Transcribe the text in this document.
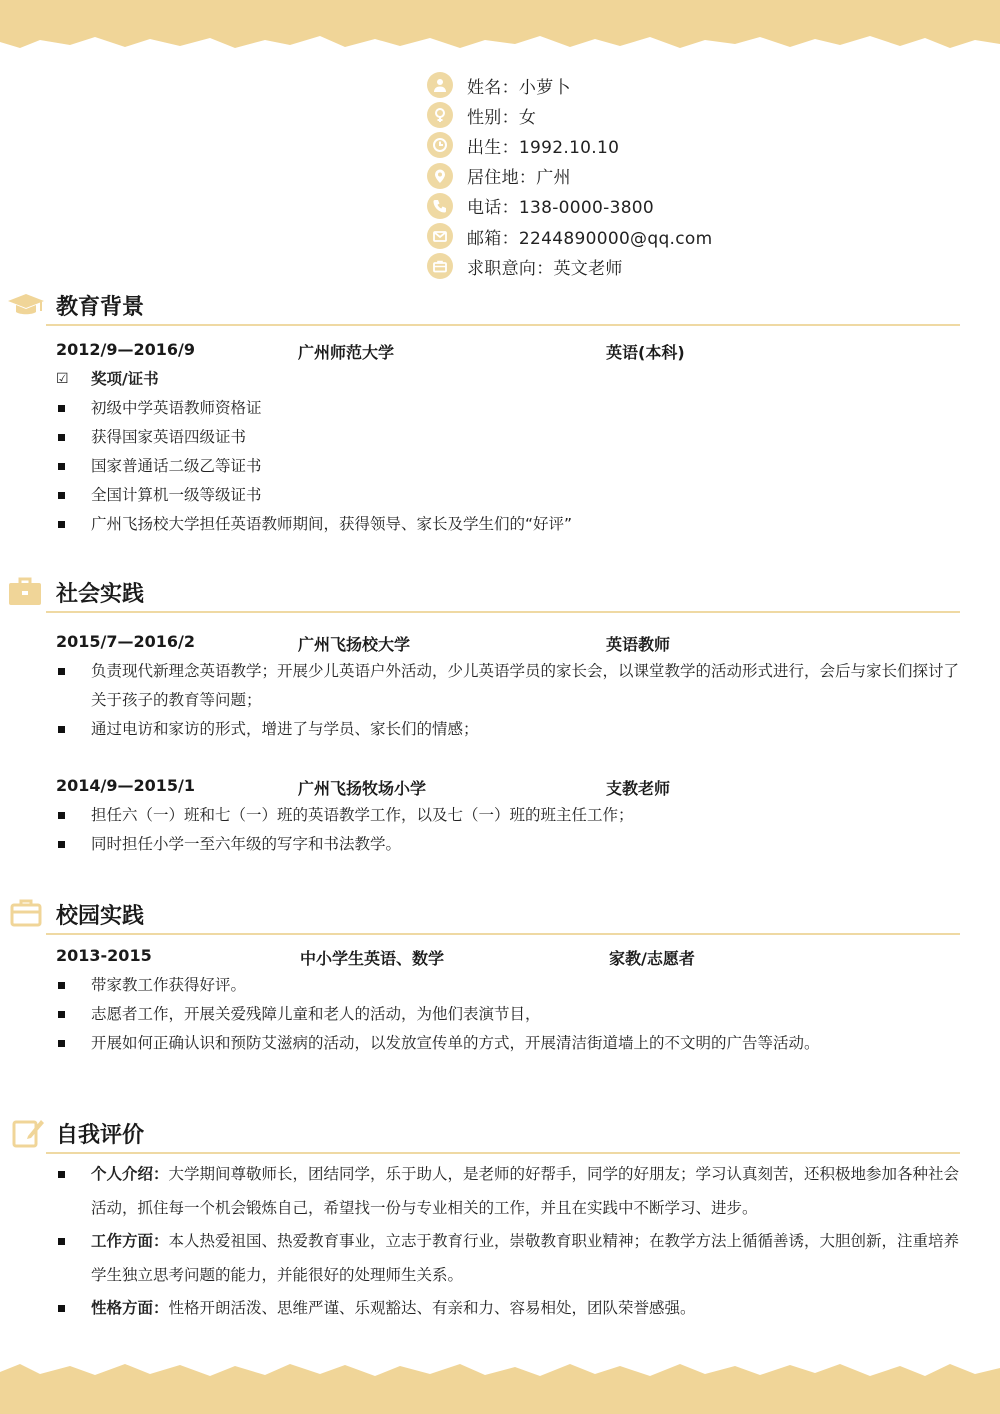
姓名：小萝卜
性别：女
出生：1992.10.10
居住地：广州
电话：138-0000-3800
邮箱：2244890000@qq.com
求职意向：英文老师
教育背景
2012/9—2016/9	广州师范大学	英语(本科)
☑ 奖项/证书
初级中学英语教师资格证
获得国家英语四级证书
国家普通话二级乙等证书
全国计算机一级等级证书
广州飞扬校大学担任英语教师期间，获得领导、家长及学生们的“好评”
社会实践
2015/7—2016/2	广州飞扬校大学	英语教师
负责现代新理念英语教学；开展少儿英语户外活动，少儿英语学员的家长会，以课堂教学的活动形式进行，会后与家长们探讨了关于孩子的教育等问题；
通过电访和家访的形式，增进了与学员、家长们的情感；
2014/9—2015/1	广州飞扬牧场小学	支教老师
担任六（一）班和七（一）班的英语教学工作，以及七（一）班的班主任工作；
同时担任小学一至六年级的写字和书法教学。
校园实践
2013-2015	中小学生英语、数学	家教/志愿者
带家教工作获得好评。
志愿者工作，开展关爱残障儿童和老人的活动，为他们表演节目，
开展如何正确认识和预防艾滋病的活动，以发放宣传单的方式，开展清洁街道墙上的不文明的广告等活动。
自我评价
个人介绍：大学期间尊敬师长，团结同学，乐于助人，是老师的好帮手，同学的好朋友；学习认真刻苦，还积极地参加各种社会活动，抓住每一个机会锻炼自己，希望找一份与专业相关的工作，并且在实践中不断学习、进步。
工作方面：本人热爱祖国、热爱教育事业，立志于教育行业，崇敬教育职业精神；在教学方法上循循善诱，大胆创新，注重培养学生独立思考问题的能力，并能很好的处理师生关系。
性格方面：性格开朗活泼、思维严谨、乐观豁达、有亲和力、容易相处，团队荣誉感强。
